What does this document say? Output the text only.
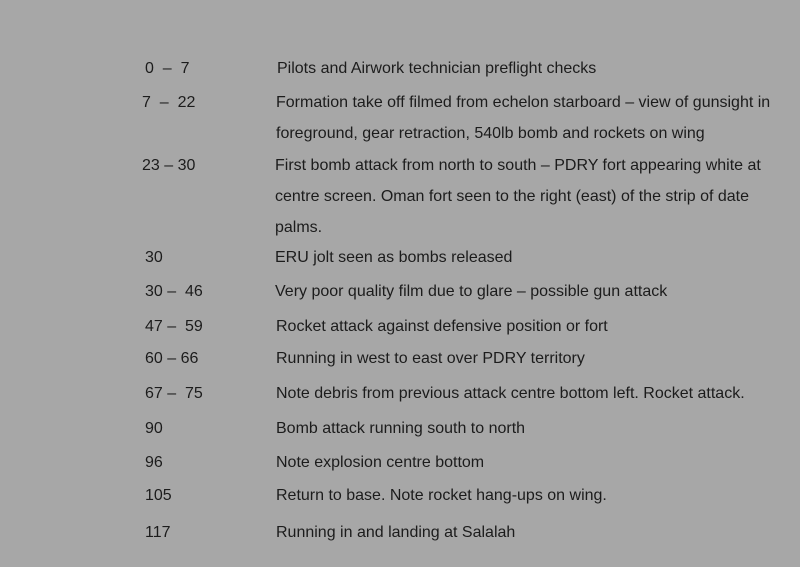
0  –  7	Pilots and Airwork technician preflight checks
7  –  22	Formation take off filmed from echelon starboard – view of gunsight in foreground, gear retraction, 540lb bomb and rockets on wing
23 – 30	First bomb attack from north to south – PDRY fort appearing white at centre screen. Oman fort seen to the right (east) of the strip of date palms.
30	ERU jolt seen as bombs released
30 –  46	Very poor quality film due to glare – possible gun attack
47 –  59	Rocket attack against defensive position or fort
60 – 66	Running in west to east over PDRY territory
67 –  75	Note debris from previous attack centre bottom left. Rocket attack.
90	Bomb attack running south to north
96	Note explosion centre bottom
105	Return to base. Note rocket hang-ups on wing.
117	Running in and landing at Salalah
